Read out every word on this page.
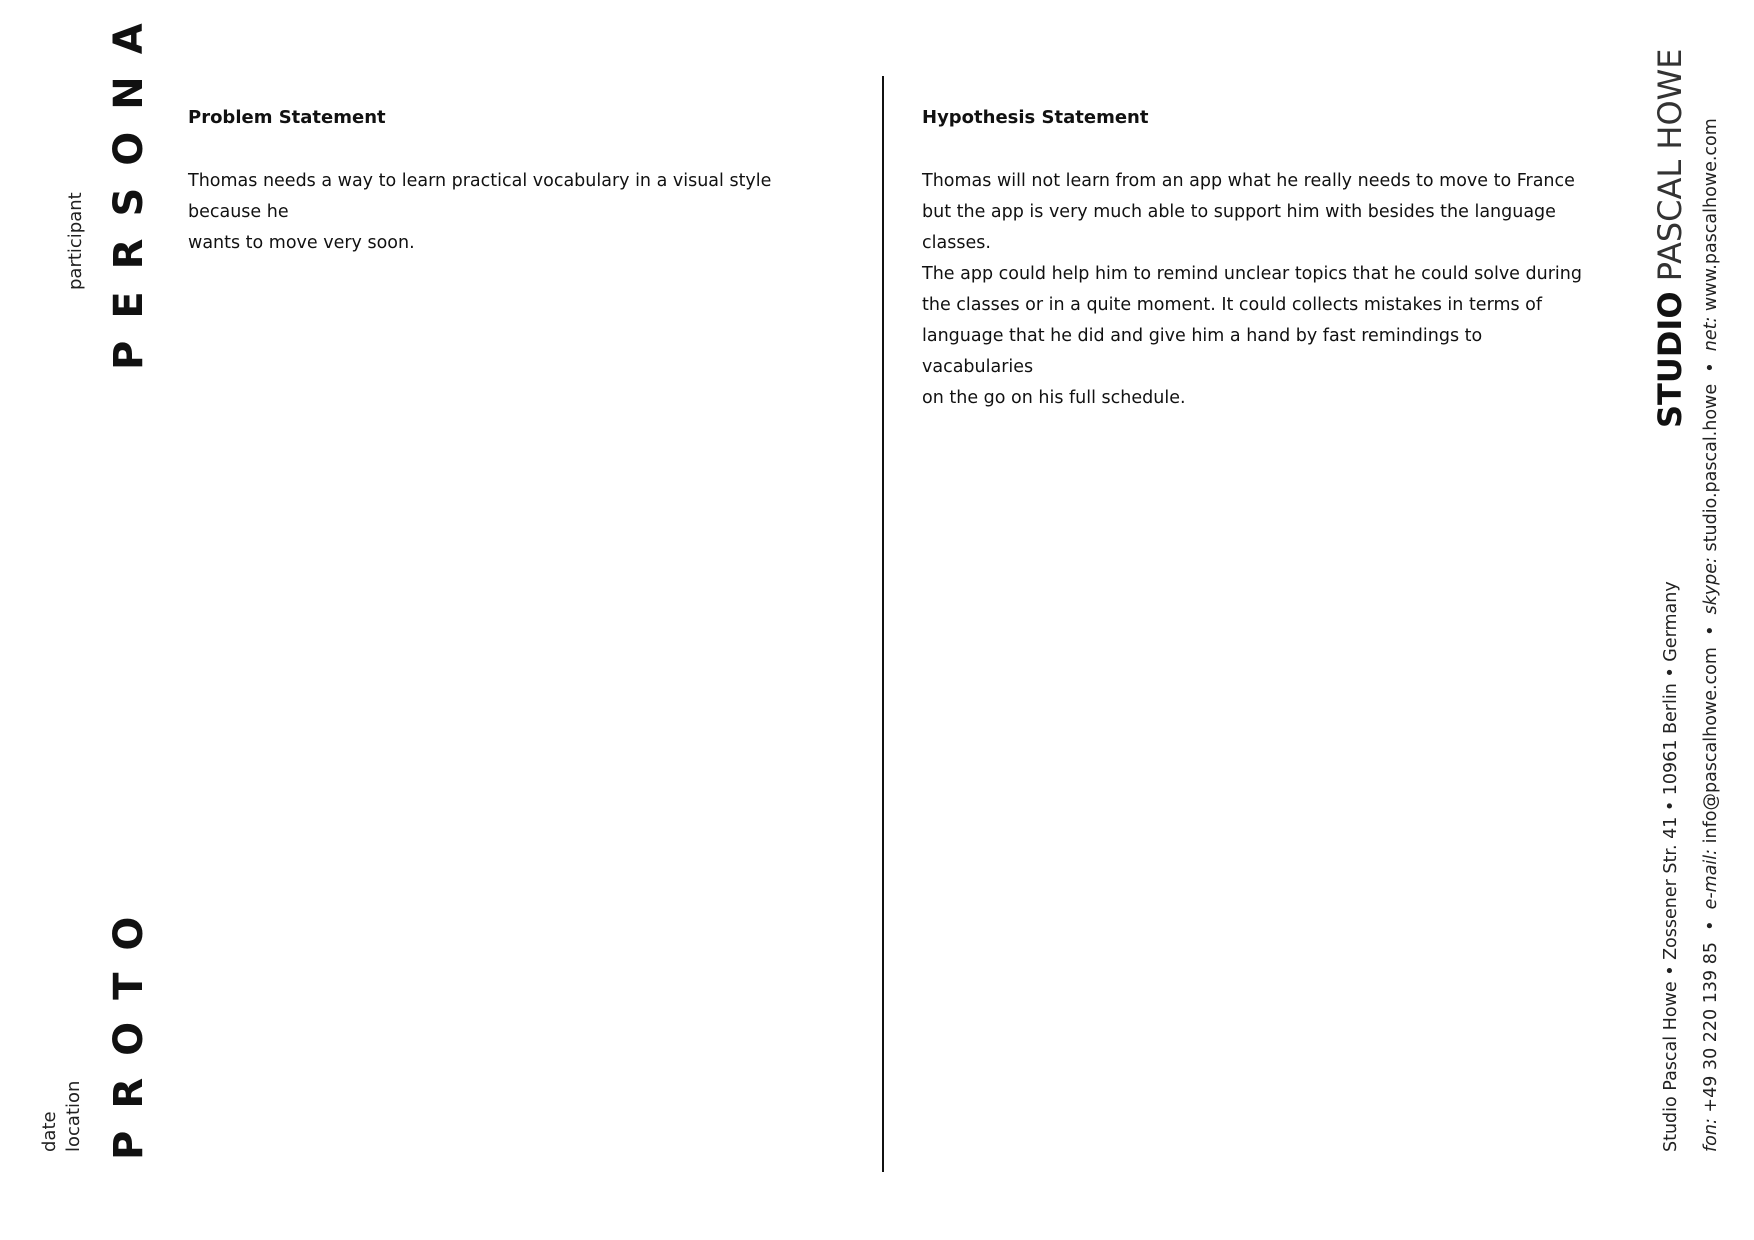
participant PERSONA
date location PROTO
Problem Statement
Thomas needs a way to learn practical vocabulary in a visual style because he
wants to move very soon.
Hypothesis Statement
Thomas will not learn from an app what he really needs to move to France
but the app is very much able to support him with besides the language
classes.
The app could help him to remind unclear topics that he could solve during
the classes or in a quite moment. It could collects mistakes in terms of
language that he did and give him a hand by fast remindings to vacabularies
on the go on his full schedule.	STUDIO PASCAL HOWE
Studio Pascal Howe • Zossener Str. 41 • 10961 Berlin • Germany fon: +49 30 220 139 85  •  e-mail: info@pascalhowe.com  •  skype: studio.pascal.howe  •  net: www.pascalhowe.com
